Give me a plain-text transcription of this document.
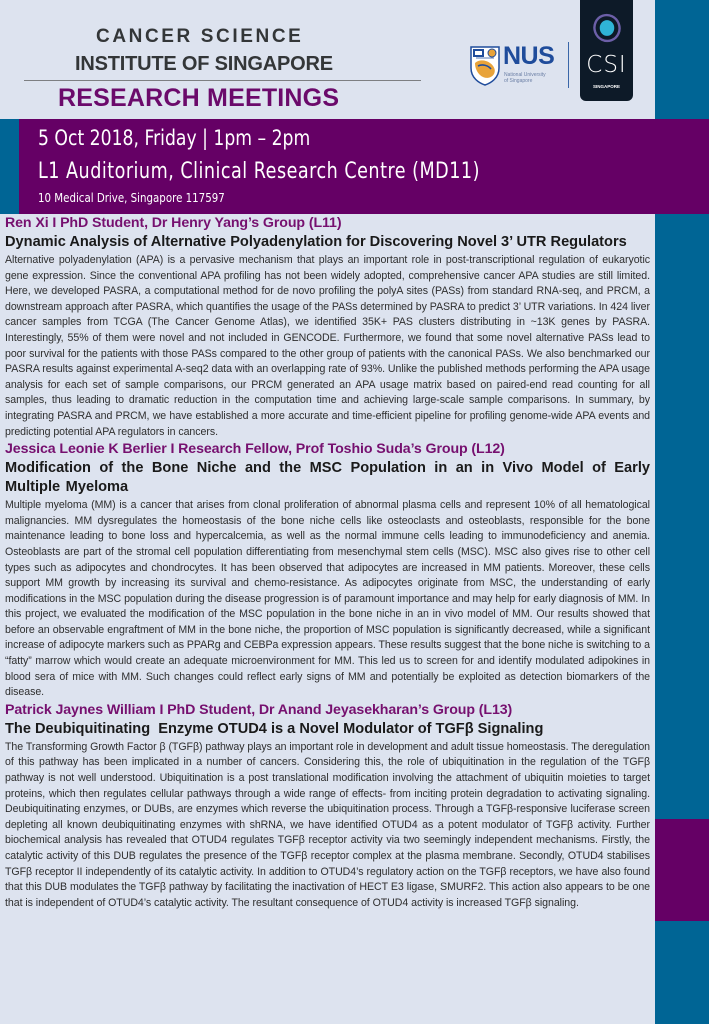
CANCER SCIENCE
INSTITUTE OF SINGAPORE
RESEARCH MEETINGS
NUS
National University
of Singapore
CSI
SINGAPORE
5 Oct 2018, Friday | 1pm – 2pm
L1 Auditorium, Clinical Research Centre (MD11)
10 Medical Drive, Singapore 117597
Ren Xi I PhD Student, Dr Henry Yang’s Group (L11)
Dynamic Analysis of Alternative Polyadenylation for Discovering Novel 3’ UTR Regulators

Alternative polyadenylation (APA) is a pervasive mechanism that plays an important role in post-transcriptional regulation of eukaryotic gene expression. Since the conventional APA profiling has not been widely adopted, comprehensive cancer APA studies are still limited. Here, we developed PASRA, a computational method for de novo profiling the polyA sites (PASs) from standard RNA-seq, and PRCM, a downstream approach after PASRA, which quantifies the usage of the PASs determined by PASRA to predict 3’ UTR variations. In 424 liver cancer samples from TCGA (The Cancer Genome Atlas), we identified 35K+ PAS clusters distributing in ~13K genes by PASRA. Interestingly, 55% of them were novel and not included in GENCODE. Furthermore, we found that some novel alternative PASs lead to poor survival for the patients with those PASs compared to the other group of patients with the canonical PASs. We also benchmarked our PASRA results against experimental A-seq2 data with an overlapping rate of 93%. Unlike the published methods performing the APA usage analysis for each set of sample comparisons, our PRCM generated an APA usage matrix based on paired-end read counting for all samples, thus leading to dramatic reduction in the computation time and achieving large-scale sample comparisons. In summary, by integrating PASRA and PRCM, we have established a more accurate and time-efficient pipeline for profiling genome-wide APA events and predicting potential APA regulators in cancers.

Jessica Leonie K Berlier I Research Fellow, Prof Toshio Suda’s Group (L12)
Modification of the Bone Niche and the MSC Population in an in Vivo Model of Early Multiple Myeloma

Multiple myeloma (MM) is a cancer that arises from clonal proliferation of abnormal plasma cells and represent 10% of all hematological malignancies. MM dysregulates the homeostasis of the bone niche cells like osteoclasts and osteoblasts, responsible for the bone maintenance leading to bone loss and hypercalcemia, as well as the normal immune cells leading to immunodeficiency and anemia. Osteoblasts are part of the stromal cell population differentiating from mesenchymal stem cells (MSC). MSC also gives rise to other cell types such as adipocytes and chondrocytes. It has been observed that adipocytes are increased in MM patients. Moreover, these cells support MM growth by increasing its survival and chemo-resistance. As adipocytes originate from MSC, the understanding of early modifications in the MSC population during the disease progression is of paramount importance and may help for early diagnosis of MM. In this project, we evaluated the modification of the MSC population in the bone niche in an in vivo model of MM. Our results showed that before an observable engraftment of MM in the bone niche, the proportion of MSC population is significantly decreased, while a significant increase of adipocyte markers such as PPARg and CEBPa expression appears. These results suggest that the bone niche is switching to a “fatty” marrow which would create an adequate microenvironment for MM. This led us to screen for and identify modulated adipokines in blood sera of mice with MM. Such changes could reflect early signs of MM and potentially be exploited as detection biomarkers of the disease.

Patrick Jaynes William I PhD Student, Dr Anand Jeyasekharan’s Group (L13)
The Deubiquitinating  Enzyme OTUD4 is a Novel Modulator of TGFβ Signaling

The Transforming Growth Factor β (TGFβ) pathway plays an important role in development and adult tissue homeostasis. The deregulation of this pathway has been implicated in a number of cancers. Considering this, the role of ubiquitination in the regulation of the TGFβ pathway is not well understood. Ubiquitination is a post translational modification involving the attachment of ubiquitin moieties to target proteins, which then regulates cellular pathways through a wide range of effects- from inciting protein degradation to activating signaling. Deubiquitinating enzymes, or DUBs, are enzymes which reverse the ubiquitination process. Through a TGFβ-responsive luciferase screen depleting all known deubiquitinating enzymes with shRNA, we have identified OTUD4 as a potent modulator of TGFβ activity. Further biochemical analysis has revealed that OTUD4 regulates TGFβ receptor activity via two seemingly independent mechanisms. Firstly, the catalytic activity of this DUB regulates the presence of the TGFβ receptor complex at the plasma membrane. Secondly, OTUD4 stabilises TGFβ receptor II independently of its catalytic activity. In addition to OTUD4’s regulatory action on the TGFβ receptors, we have also found that this DUB modulates the TGFβ pathway by facilitating the inactivation of HECT E3 ligase, SMURF2. This action also appears to be one that is independent of OTUD4’s catalytic activity. The resultant consequence of OTUD4 activity is increased TGFβ signaling.
